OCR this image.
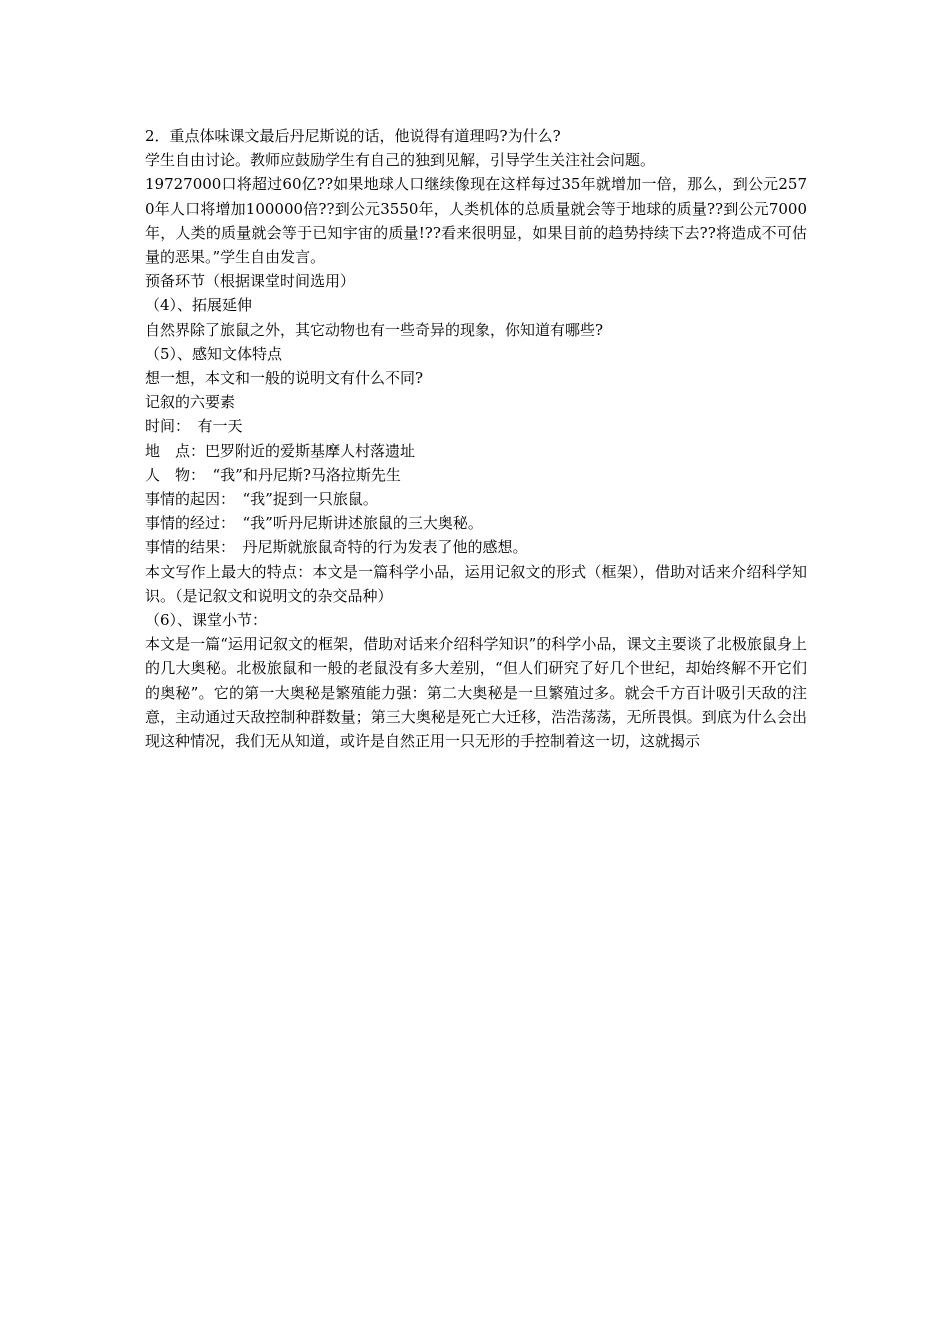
2．重点体味课文最后丹尼斯说的话，他说得有道理吗?为什么?

学生自由讨论。教师应鼓励学生有自己的独到见解，引导学生关注社会问题。

19727000口将超过60亿??如果地球人口继续像现在这样每过35年就增加一倍，那么，到公元2570年人口将增加100000倍??到公元3550年，人类机体的总质量就会等于地球的质量??到公元7000年，人类的质量就会等于已知宇宙的质量!??看来很明显，如果目前的趋势持续下去??将造成不可估量的恶果。”学生自由发言。

预备环节（根据课堂时间选用）

（4）、拓展延伸

自然界除了旅鼠之外，其它动物也有一些奇异的现象，你知道有哪些?

（5）、感知文体特点

想一想，本文和一般的说明文有什么不同?

记叙的六要素

时间：　有一天

地　点：巴罗附近的爱斯基摩人村落遗址

人　物：　“我”和丹尼斯?马洛拉斯先生

事情的起因：　“我”捉到一只旅鼠。

事情的经过：　“我”听丹尼斯讲述旅鼠的三大奥秘。

事情的结果：　丹尼斯就旅鼠奇特的行为发表了他的感想。

本文写作上最大的特点：本文是一篇科学小品，运用记叙文的形式（框架），借助对话来介绍科学知识。（是记叙文和说明文的杂交品种）

（6）、课堂小节：

本文是一篇“运用记叙文的框架，借助对话来介绍科学知识”的科学小品，课文主要谈了北极旅鼠身上的几大奥秘。北极旅鼠和一般的老鼠没有多大差别，“但人们研究了好几个世纪，却始终解不开它们的奥秘”。它的第一大奥秘是繁殖能力强：第二大奥秘是一旦繁殖过多。就会千方百计吸引天敌的注意，主动通过天敌控制种群数量；第三大奥秘是死亡大迁移，浩浩荡荡，无所畏惧。到底为什么会出现这种情况，我们无从知道，或许是自然正用一只无形的手控制着这一切，这就揭示
